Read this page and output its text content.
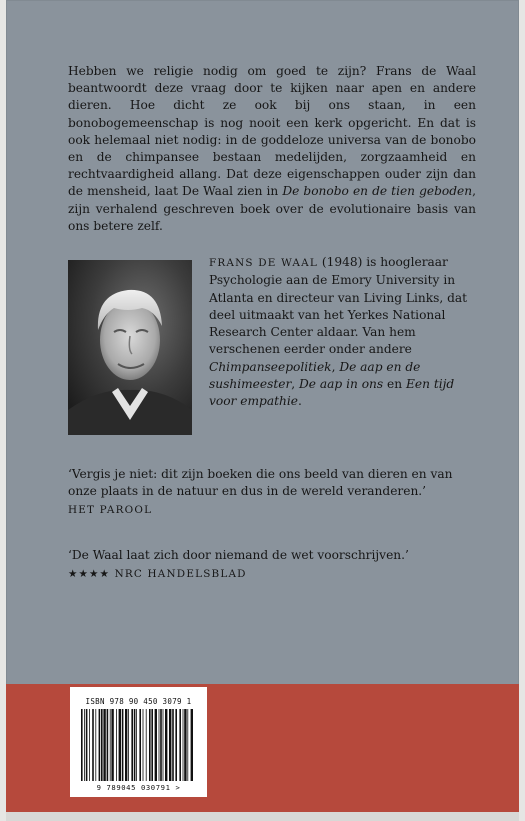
Hebben we religie nodig om goed te zijn? Frans de Waal beantwoordt deze vraag door te kijken naar apen en andere dieren. Hoe dicht ze ook bij ons staan, in een bonobogemeenschap is nog nooit een kerk opgericht. En dat is ook helemaal niet nodig: in de goddeloze universa van de bonobo en de chimpansee bestaan medelijden, zorgzaamheid en rechtvaardigheid allang. Dat deze eigenschappen ouder zijn dan de mensheid, laat De Waal zien in De bonobo en de tien geboden, zijn verhalend geschreven boek over de evolutionaire basis van ons betere zelf.

FRANS DE WAAL (1948) is hoogleraar Psychologie aan de Emory University in Atlanta en directeur van Living Links, dat deel uitmaakt van het Yerkes National Research Center aldaar. Van hem verschenen eerder onder andere Chimpanseepolitiek, De aap en de sushimeester, De aap in ons en Een tijd voor empathie.

‘Vergis je niet: dit zijn boeken die ons beeld van dieren en van onze plaats in de natuur en dus in de wereld veranderen.’
HET PAROOL

‘De Waal laat zich door niemand de wet voorschrijven.’
★★★★ NRC HANDELSBLAD

ISBN 978 90 450 3079 1
9 789045 030791 >
